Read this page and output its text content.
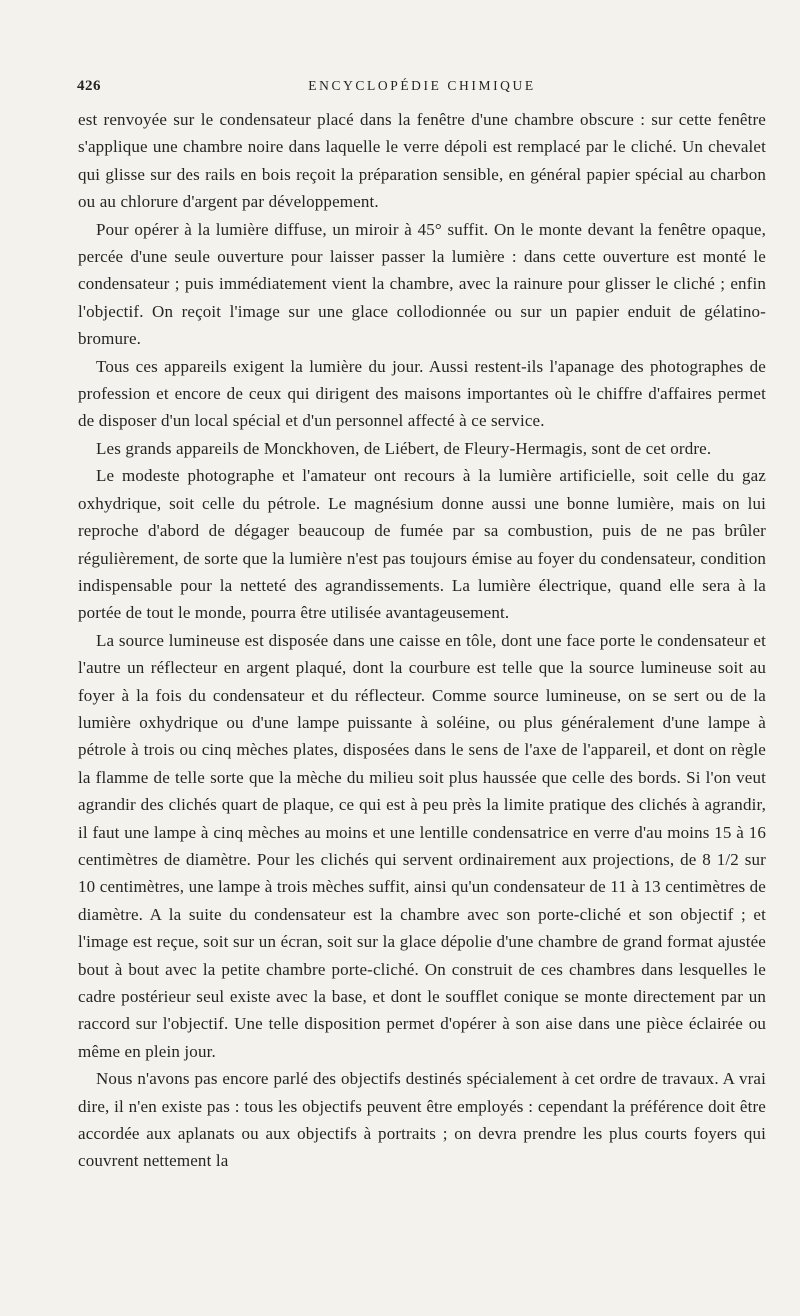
426	ENCYCLOPÉDIE CHIMIQUE

est renvoyée sur le condensateur placé dans la fenêtre d'une chambre obscure : sur cette fenêtre s'applique une chambre noire dans laquelle le verre dépoli est remplacé par le cliché. Un chevalet qui glisse sur des rails en bois reçoit la préparation sensible, en général papier spécial au charbon ou au chlorure d'argent par développement.

Pour opérer à la lumière diffuse, un miroir à 45° suffit. On le monte devant la fenêtre opaque, percée d'une seule ouverture pour laisser passer la lumière : dans cette ouverture est monté le condensateur ; puis immédiatement vient la chambre, avec la rainure pour glisser le cliché ; enfin l'objectif. On reçoit l'image sur une glace collodionnée ou sur un papier enduit de gélatino-bromure.

Tous ces appareils exigent la lumière du jour. Aussi restent-ils l'apanage des photographes de profession et encore de ceux qui dirigent des maisons importantes où le chiffre d'affaires permet de disposer d'un local spécial et d'un personnel affecté à ce service.

Les grands appareils de Monckhoven, de Liébert, de Fleury-Hermagis, sont de cet ordre.

Le modeste photographe et l'amateur ont recours à la lumière artificielle, soit celle du gaz oxhydrique, soit celle du pétrole. Le magnésium donne aussi une bonne lumière, mais on lui reproche d'abord de dégager beaucoup de fumée par sa combustion, puis de ne pas brûler régulièrement, de sorte que la lumière n'est pas toujours émise au foyer du condensateur, condition indispensable pour la netteté des agrandissements. La lumière électrique, quand elle sera à la portée de tout le monde, pourra être utilisée avantageusement.

La source lumineuse est disposée dans une caisse en tôle, dont une face porte le condensateur et l'autre un réflecteur en argent plaqué, dont la courbure est telle que la source lumineuse soit au foyer à la fois du condensateur et du réflecteur. Comme source lumineuse, on se sert ou de la lumière oxhydrique ou d'une lampe puissante à soléine, ou plus généralement d'une lampe à pétrole à trois ou cinq mèches plates, disposées dans le sens de l'axe de l'appareil, et dont on règle la flamme de telle sorte que la mèche du milieu soit plus haussée que celle des bords. Si l'on veut agrandir des clichés quart de plaque, ce qui est à peu près la limite pratique des clichés à agrandir, il faut une lampe à cinq mèches au moins et une lentille condensatrice en verre d'au moins 15 à 16 centimètres de diamètre. Pour les clichés qui servent ordinairement aux projections, de 8 1/2 sur 10 centimètres, une lampe à trois mèches suffit, ainsi qu'un condensateur de 11 à 13 centimètres de diamètre. A la suite du condensateur est la chambre avec son porte-cliché et son objectif ; et l'image est reçue, soit sur un écran, soit sur la glace dépolie d'une chambre de grand format ajustée bout à bout avec la petite chambre porte-cliché. On construit de ces chambres dans lesquelles le cadre postérieur seul existe avec la base, et dont le soufflet conique se monte directement par un raccord sur l'objectif. Une telle disposition permet d'opérer à son aise dans une pièce éclairée ou même en plein jour.

Nous n'avons pas encore parlé des objectifs destinés spécialement à cet ordre de travaux. A vrai dire, il n'en existe pas : tous les objectifs peuvent être employés : cependant la préférence doit être accordée aux aplanats ou aux objectifs à portraits ; on devra prendre les plus courts foyers qui couvrent nettement la
